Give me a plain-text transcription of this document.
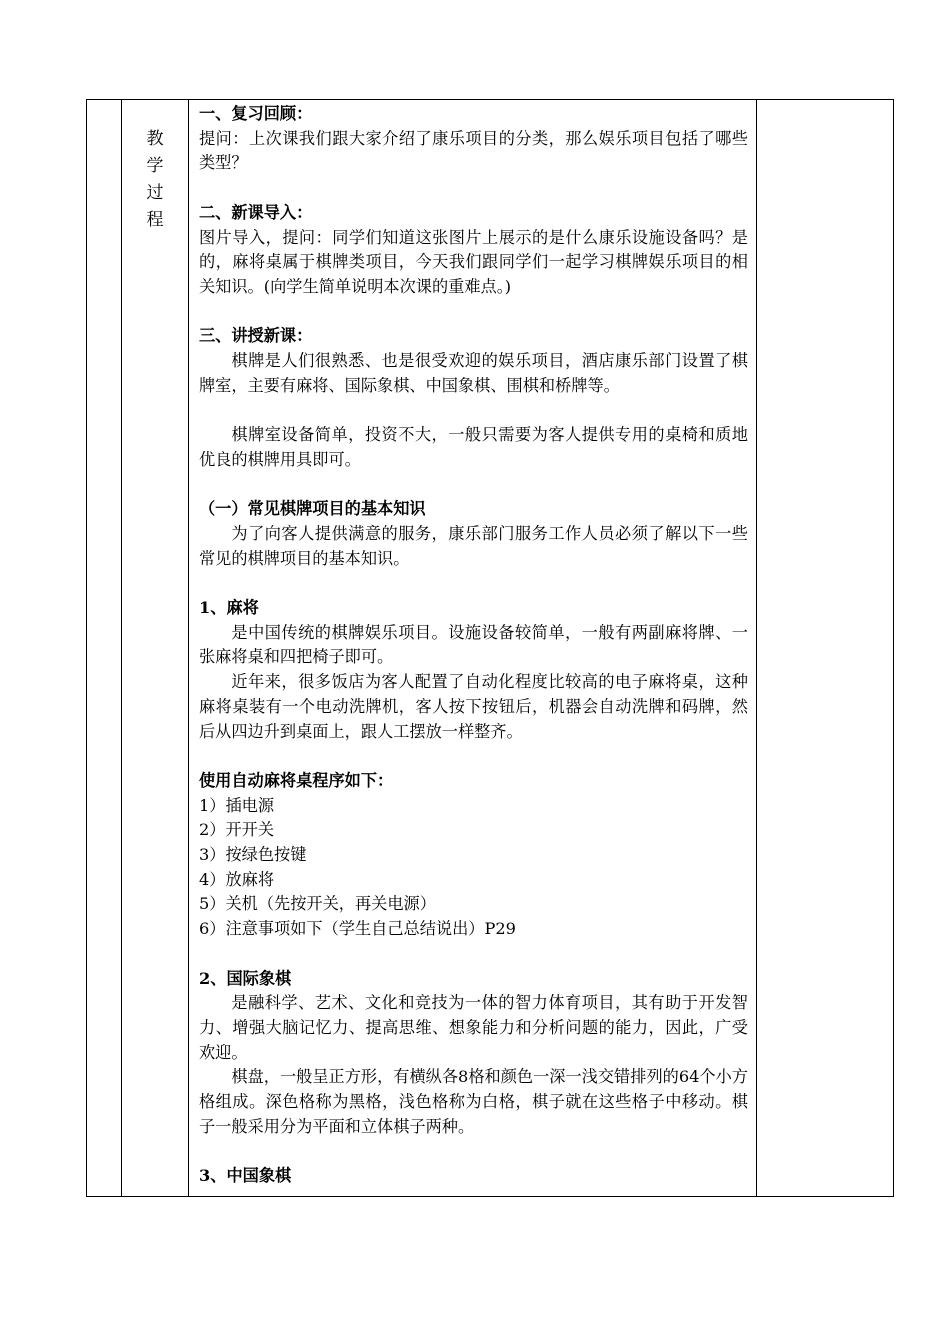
教
学
过
程

一、复习回顾：

提问：上次课我们跟大家介绍了康乐项目的分类，那么娱乐项目包括了哪些类型？

二、新课导入：

图片导入，提问：同学们知道这张图片上展示的是什么康乐设施设备吗？是的，麻将桌属于棋牌类项目，今天我们跟同学们一起学习棋牌娱乐项目的相关知识。(向学生简单说明本次课的重难点。)

三、讲授新课：

棋牌是人们很熟悉、也是很受欢迎的娱乐项目，酒店康乐部门设置了棋牌室，主要有麻将、国际象棋、中国象棋、围棋和桥牌等。

棋牌室设备简单，投资不大，一般只需要为客人提供专用的桌椅和质地优良的棋牌用具即可。

（一）常见棋牌项目的基本知识

为了向客人提供满意的服务，康乐部门服务工作人员必须了解以下一些常见的棋牌项目的基本知识。

1、麻将

是中国传统的棋牌娱乐项目。设施设备较简单，一般有两副麻将牌、一张麻将桌和四把椅子即可。

近年来，很多饭店为客人配置了自动化程度比较高的电子麻将桌，这种麻将桌装有一个电动洗牌机，客人按下按钮后，机器会自动洗牌和码牌，然后从四边升到桌面上，跟人工摆放一样整齐。

使用自动麻将桌程序如下：

1）插电源

2）开开关

3）按绿色按键

4）放麻将

5）关机（先按开关，再关电源）

6）注意事项如下（学生自己总结说出）P29

2、国际象棋

是融科学、艺术、文化和竞技为一体的智力体育项目，其有助于开发智力、增强大脑记忆力、提高思维、想象能力和分析问题的能力，因此，广受欢迎。

棋盘，一般呈正方形，有横纵各8格和颜色一深一浅交错排列的64个小方格组成。深色格称为黑格，浅色格称为白格，棋子就在这些格子中移动。棋子一般采用分为平面和立体棋子两种。

3、中国象棋
